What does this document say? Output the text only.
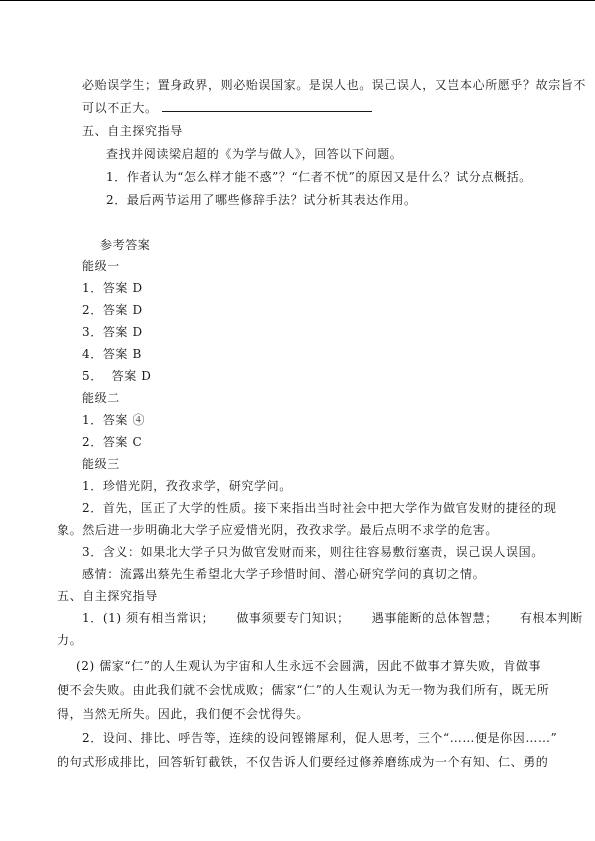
必贻误学生；置身政界，则必贻误国家。是误人也。误己误人，又岂本心所愿乎？故宗旨不
可以不正大。
五、自主探究指导
查找并阅读梁启超的《为学与做人》，回答以下问题。
1．作者认为“怎么样才能不惑”？“仁者不忧”的原因又是什么？试分点概括。
2．最后两节运用了哪些修辞手法？试分析其表达作用。
参考答案
能级一
1．答案 D
2．答案 D
3．答案 D
4．答案 B
5．  答案 D
能级二
1．答案 ④
2．答案 C
能级三
1．珍惜光阴，孜孜求学，研究学问。
2．首先，匡正了大学的性质。接下来指出当时社会中把大学作为做官发财的捷径的现
象。然后进一步明确北大学子应爱惜光阴，孜孜求学。最后点明不求学的危害。
3．含义：如果北大学子只为做官发财而来，则往往容易敷衍塞责，误己误人误国。
感情：流露出蔡先生希望北大学子珍惜时间、潜心研究学问的真切之情。
五、自主探究指导
1．(1) 须有相当常识；     做事须要专门知识；     遇事能断的总体智慧；     有根本判断
力。
(2) 儒家“仁”的人生观认为宇宙和人生永远不会圆满，因此不做事才算失败，肯做事
便不会失败。由此我们就不会忧成败；儒家“仁”的人生观认为无一物为我们所有，既无所
得，当然无所失。因此，我们便不会忧得失。
2．设问、排比、呼告等，连续的设问铿锵犀利，促人思考，三个“……便是你因……”
的句式形成排比，回答斩钉截铁，不仅告诉人们要经过修养磨练成为一个有知、仁、勇的
